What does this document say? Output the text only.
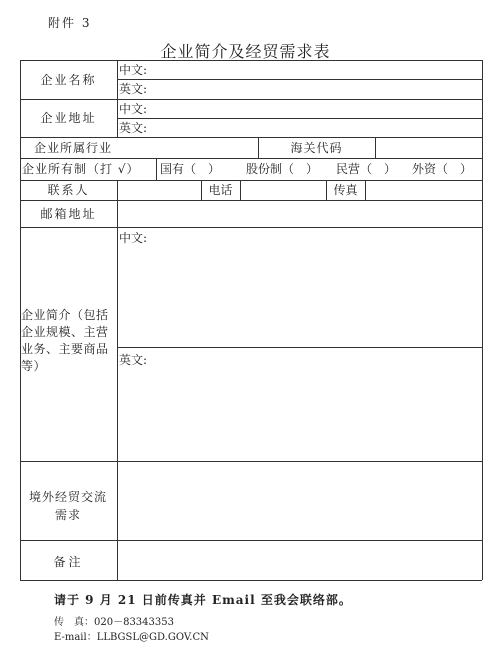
附件 3
企业简介及经贸需求表
企业名称
中文:
英文:
企业地址
中文:
英文:
企业所属行业	海关代码
企业所有制（打 √） 国有（　） 股份制（　） 民营（　） 外资（　）
联系人	电话	传真
邮箱地址
企业简介（包括企业规模、主营业务、主要商品等）
中文:
英文:
境外经贸交流需求
备注
请于 9 月 21 日前传真并 Email 至我会联络部。
传　真：020－83343353
E-mail：LLBGSL@GD.GOV.CN
